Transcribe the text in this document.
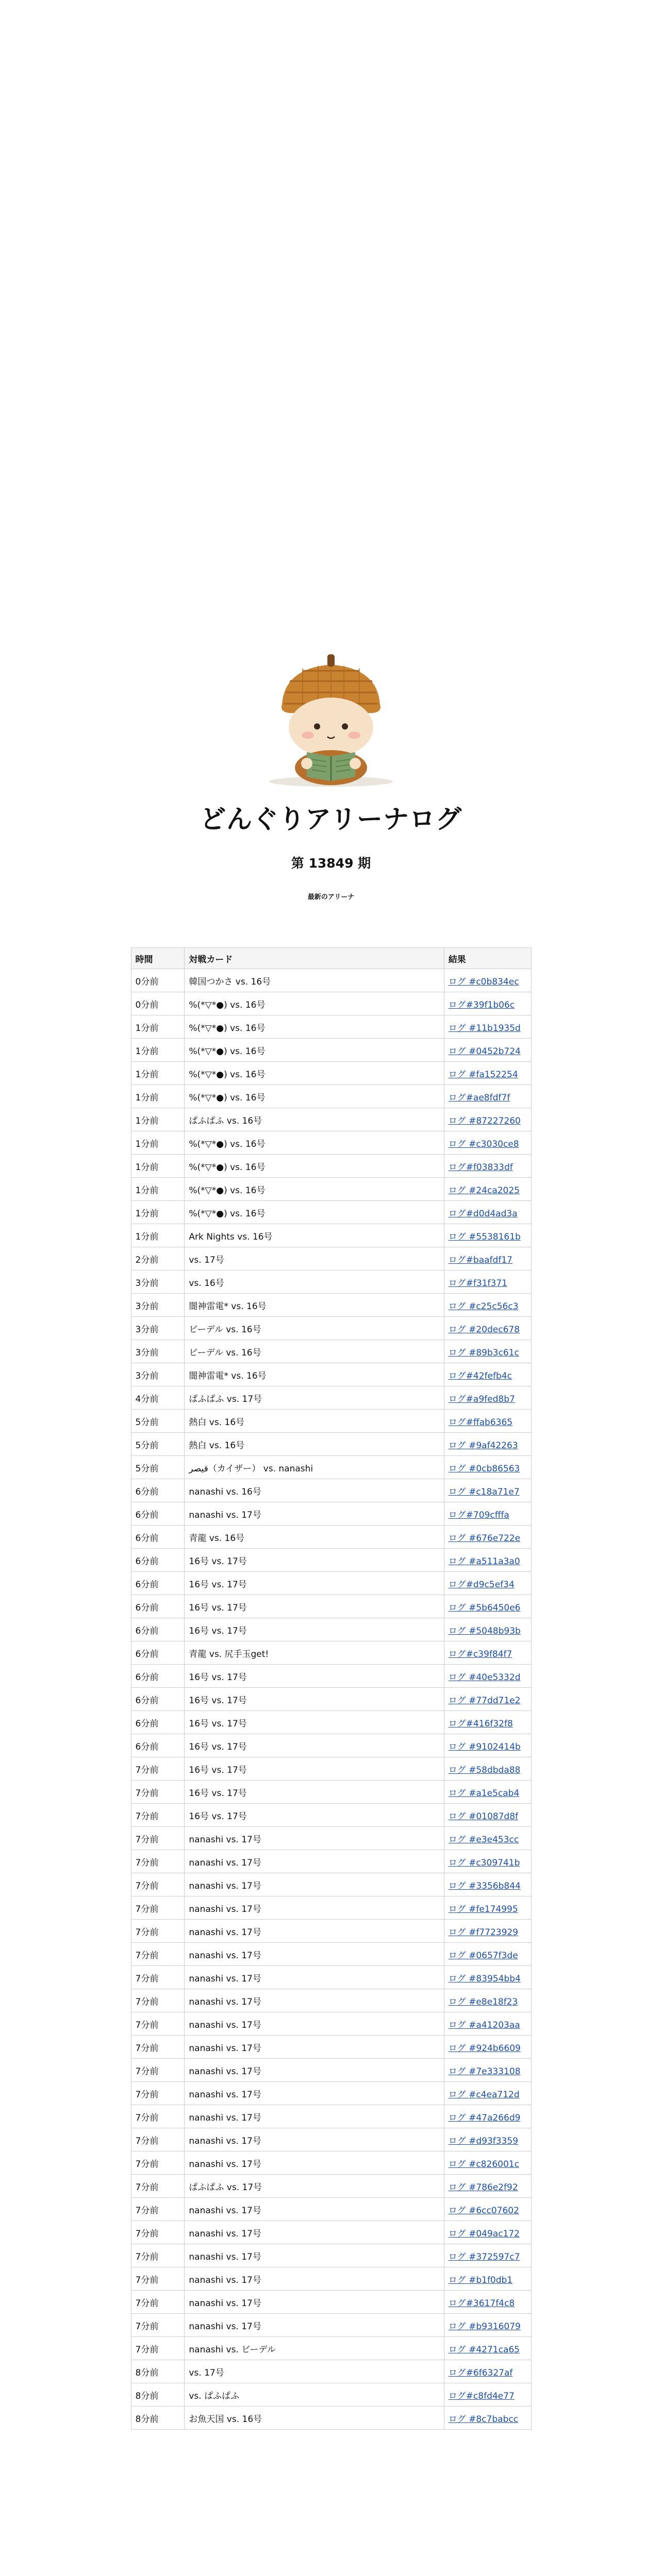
どんぐりアリーナログ
第 13849 期
最新のアリーナ
時間	対戦カード	結果
0分前	韓国つかさ vs. 16号	ログ #c0b834ec
0分前	%(*▽*●) vs. 16号	ログ#39f1b06c
1分前	%(*▽*●) vs. 16号	ログ #11b1935d
1分前	%(*▽*●) vs. 16号	ログ #0452b724
1分前	%(*▽*●) vs. 16号	ログ #fa152254
1分前	%(*▽*●) vs. 16号	ログ#ae8fdf7f
1分前	ぱふぱふ vs. 16号	ログ #87227260
1分前	%(*▽*●) vs. 16号	ログ #c3030ce8
1分前	%(*▽*●) vs. 16号	ログ#f03833df
1分前	%(*▽*●) vs. 16号	ログ #24ca2025
1分前	%(*▽*●) vs. 16号	ログ#d0d4ad3a
1分前	Ark Nights vs. 16号	ログ #5538161b
2分前	vs. 17号	ログ#baafdf17
3分前	vs. 16号	ログ#f31f371
3分前	闇神雷電* vs. 16号	ログ #c25c56c3
3分前	ビーデル vs. 16号	ログ #20dec678
3分前	ビーデル vs. 16号	ログ #89b3c61c
3分前	闇神雷電* vs. 16号	ログ#42fefb4c
4分前	ぱふぱふ vs. 17号	ログ#a9fed8b7
5分前	熱白 vs. 16号	ログ#ffab6365
5分前	熱白 vs. 16号	ログ #9af42263
5分前	قيصر（カイザー） vs. nanashi	ログ #0cb86563
6分前	nanashi vs. 16号	ログ #c18a71e7
6分前	nanashi vs. 17号	ログ#709cfffa
6分前	青龍 vs. 16号	ログ #676e722e
6分前	16号 vs. 17号	ログ #a511a3a0
6分前	16号 vs. 17号	ログ#d9c5ef34
6分前	16号 vs. 17号	ログ #5b6450e6
6分前	16号 vs. 17号	ログ #5048b93b
6分前	青龍 vs. 尻手玉get!	ログ#c39f84f7
6分前	16号 vs. 17号	ログ #40e5332d
6分前	16号 vs. 17号	ログ #77dd71e2
6分前	16号 vs. 17号	ログ#416f32f8
6分前	16号 vs. 17号	ログ #9102414b
7分前	16号 vs. 17号	ログ #58dbda88
7分前	16号 vs. 17号	ログ #a1e5cab4
7分前	16号 vs. 17号	ログ #01087d8f
7分前	nanashi vs. 17号	ログ #e3e453cc
7分前	nanashi vs. 17号	ログ #c309741b
7分前	nanashi vs. 17号	ログ #3356b844
7分前	nanashi vs. 17号	ログ #fe174995
7分前	nanashi vs. 17号	ログ #f7723929
7分前	nanashi vs. 17号	ログ #0657f3de
7分前	nanashi vs. 17号	ログ #83954bb4
7分前	nanashi vs. 17号	ログ #e8e18f23
7分前	nanashi vs. 17号	ログ #a41203aa
7分前	nanashi vs. 17号	ログ #924b6609
7分前	nanashi vs. 17号	ログ #7e333108
7分前	nanashi vs. 17号	ログ #c4ea712d
7分前	nanashi vs. 17号	ログ #47a266d9
7分前	nanashi vs. 17号	ログ #d93f3359
7分前	nanashi vs. 17号	ログ #c826001c
7分前	ぱふぱふ vs. 17号	ログ #786e2f92
7分前	nanashi vs. 17号	ログ #6cc07602
7分前	nanashi vs. 17号	ログ #049ac172
7分前	nanashi vs. 17号	ログ #372597c7
7分前	nanashi vs. 17号	ログ #b1f0db1
7分前	nanashi vs. 17号	ログ#3617f4c8
7分前	nanashi vs. 17号	ログ #b9316079
7分前	nanashi vs. ビーデル	ログ #4271ca65
8分前	vs. 17号	ログ#6f6327af
8分前	vs. ぱふぱふ	ログ#c8fd4e77
8分前	お魚天国 vs. 16号	ログ #8c7babcc
